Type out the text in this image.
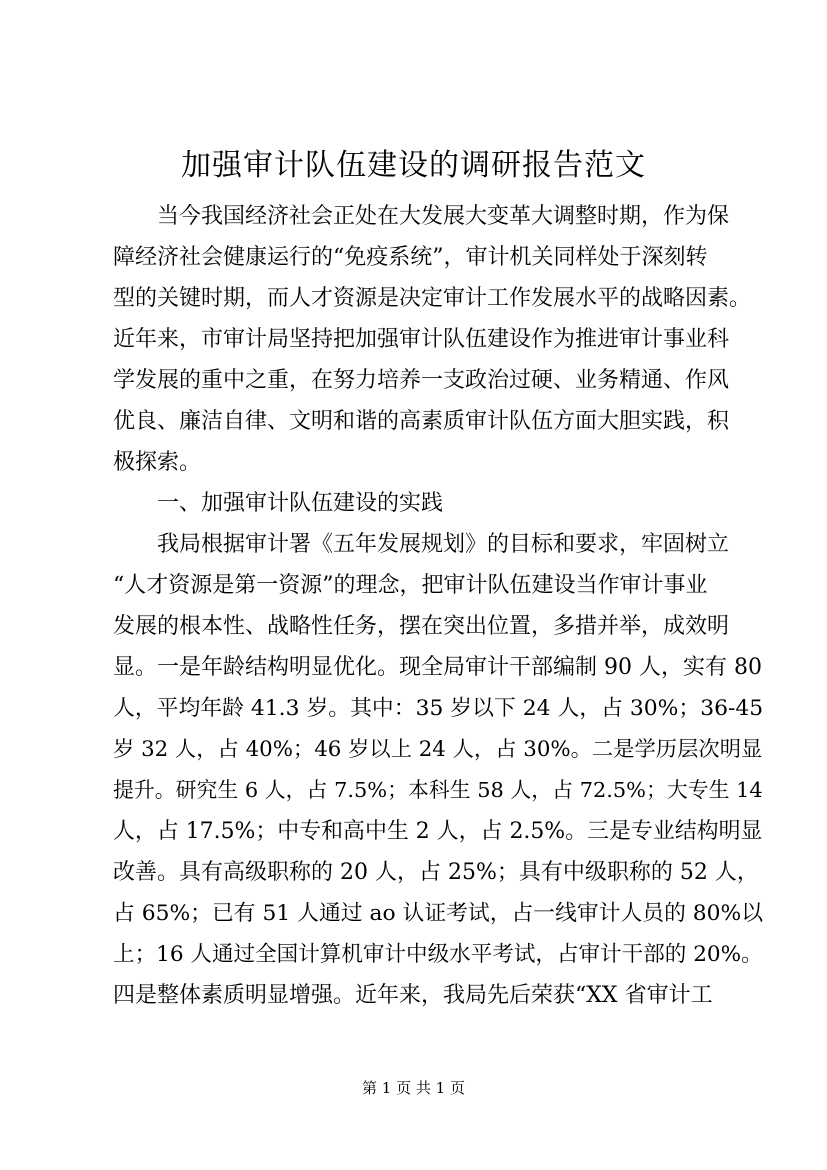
加强审计队伍建设的调研报告范文
当今我国经济社会正处在大发展大变革大调整时期，作为保
障经济社会健康运行的“免疫系统”，审计机关同样处于深刻转
型的关键时期，而人才资源是决定审计工作发展水平的战略因素。
近年来，市审计局坚持把加强审计队伍建设作为推进审计事业科
学发展的重中之重，在努力培养一支政治过硬、业务精通、作风
优良、廉洁自律、文明和谐的高素质审计队伍方面大胆实践，积
极探索。
一、加强审计队伍建设的实践
我局根据审计署《五年发展规划》的目标和要求，牢固树立
“人才资源是第一资源”的理念，把审计队伍建设当作审计事业
发展的根本性、战略性任务，摆在突出位置，多措并举，成效明
显。一是年龄结构明显优化。现全局审计干部编制 90 人，实有 80
人，平均年龄 41.3 岁。其中：35 岁以下 24 人，占 30%；36-45
岁 32 人，占 40%；46 岁以上 24 人，占 30%。二是学历层次明显
提升。研究生 6 人，占 7.5%；本科生 58 人，占 72.5%；大专生 14
人，占 17.5%；中专和高中生 2 人，占 2.5%。三是专业结构明显
改善。具有高级职称的 20 人，占 25%；具有中级职称的 52 人，
占 65%；已有 51 人通过 ao 认证考试，占一线审计人员的 80%以
上；16 人通过全国计算机审计中级水平考试，占审计干部的 20%。
四是整体素质明显增强。近年来，我局先后荣获“XX 省审计工
第 1 页 共 1 页
